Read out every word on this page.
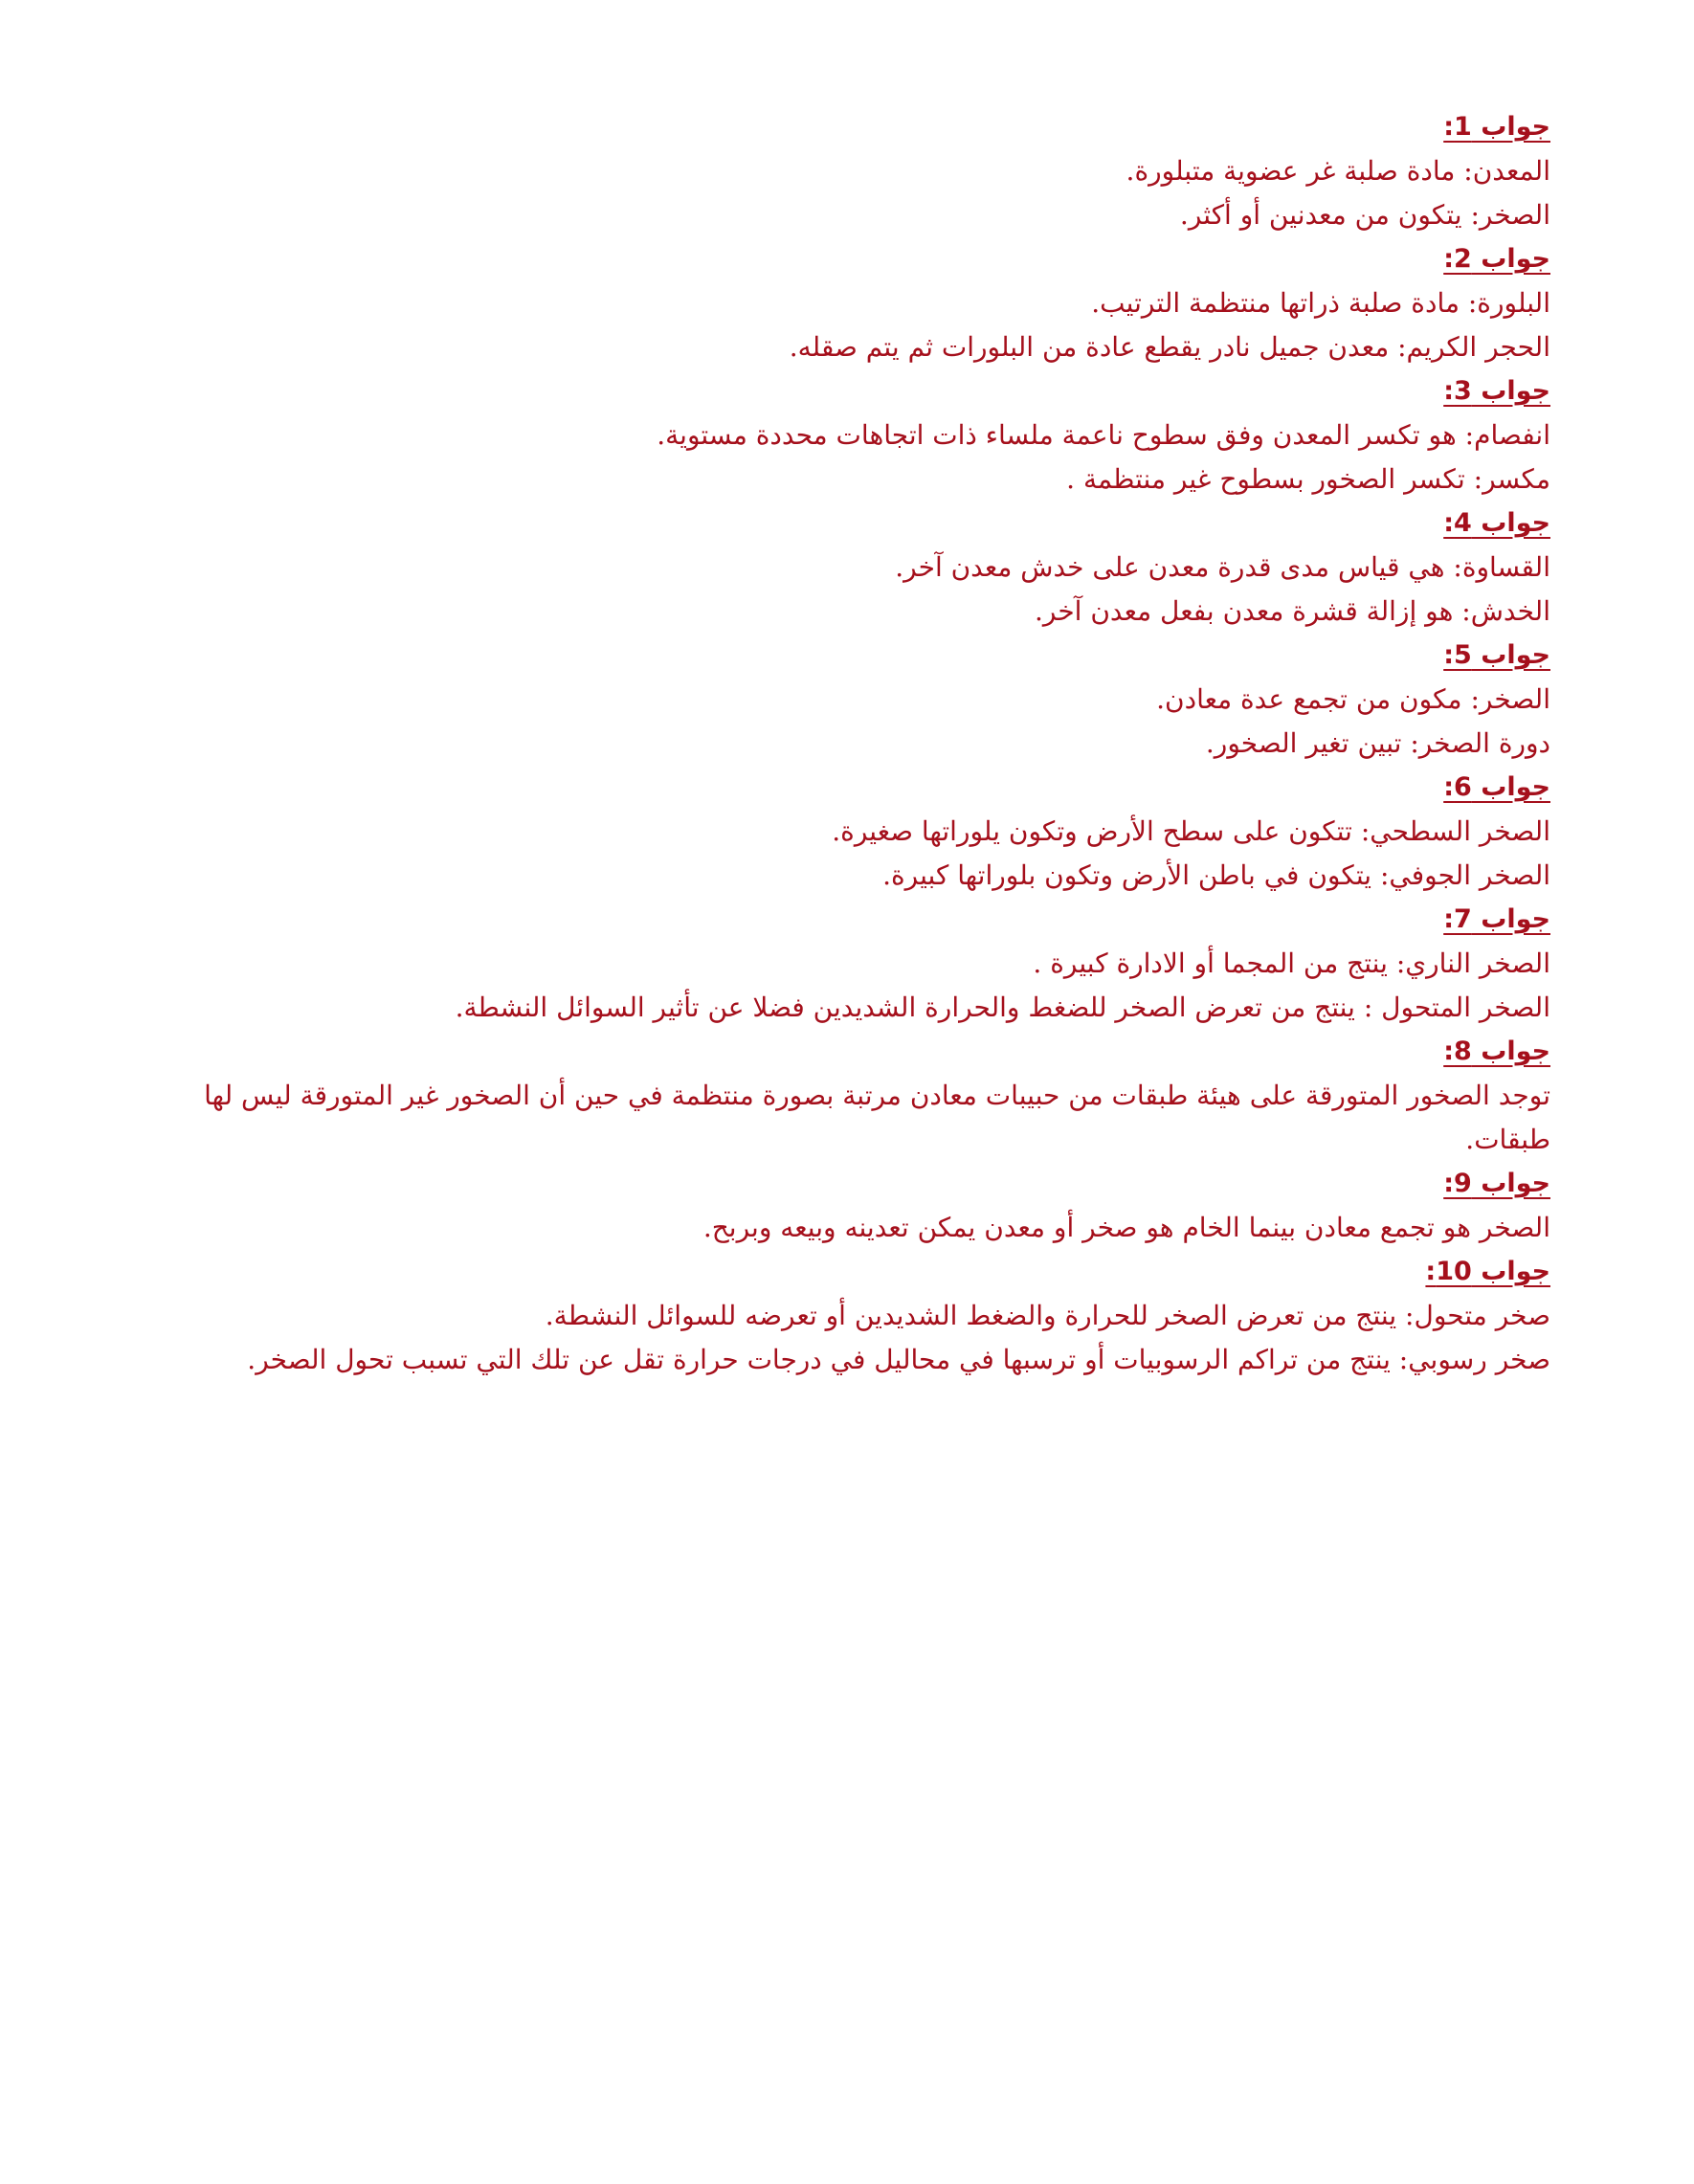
جواب 1:

المعدن: مادة صلبة غر عضوية متبلورة.

الصخر: يتكون من معدنين أو أكثر.

جواب 2:

البلورة: مادة صلبة ذراتها منتظمة الترتيب.

الحجر الكريم: معدن جميل نادر يقطع عادة من البلورات ثم يتم صقله.

جواب 3:

انفصام: هو تكسر المعدن وفق سطوح ناعمة ملساء ذات اتجاهات محددة مستوية.

مكسر: تكسر الصخور بسطوح غير منتظمة .

جواب 4:

القساوة: هي قياس مدى قدرة معدن على خدش معدن آخر.

الخدش: هو إزالة قشرة معدن بفعل معدن آخر.

جواب 5:

الصخر: مكون من تجمع عدة معادن.

دورة الصخر: تبين تغير الصخور.

جواب 6:

الصخر السطحي: تتكون على سطح الأرض وتكون يلوراتها صغيرة.

الصخر الجوفي: يتكون في باطن الأرض وتكون بلوراتها كبيرة.

جواب 7:

الصخر الناري: ينتج من المجما أو الادارة كبيرة .

الصخر المتحول : ينتج من تعرض الصخر للضغط والحرارة الشديدين فضلا عن تأثير السوائل النشطة.

جواب 8:

توجد الصخور المتورقة على هيئة طبقات من حبيبات معادن مرتبة بصورة منتظمة في حين أن الصخور غير المتورقة ليس لها طبقات.

جواب 9:

الصخر هو تجمع معادن بينما الخام هو صخر أو معدن يمكن تعدينه وبيعه وبربح.

جواب 10:

صخر متحول: ينتج من تعرض الصخر للحرارة والضغط الشديدين أو تعرضه للسوائل النشطة.

صخر رسوبي: ينتج من تراكم الرسوبيات أو ترسبها في محاليل في درجات حرارة تقل عن تلك التي تسبب تحول الصخر.
